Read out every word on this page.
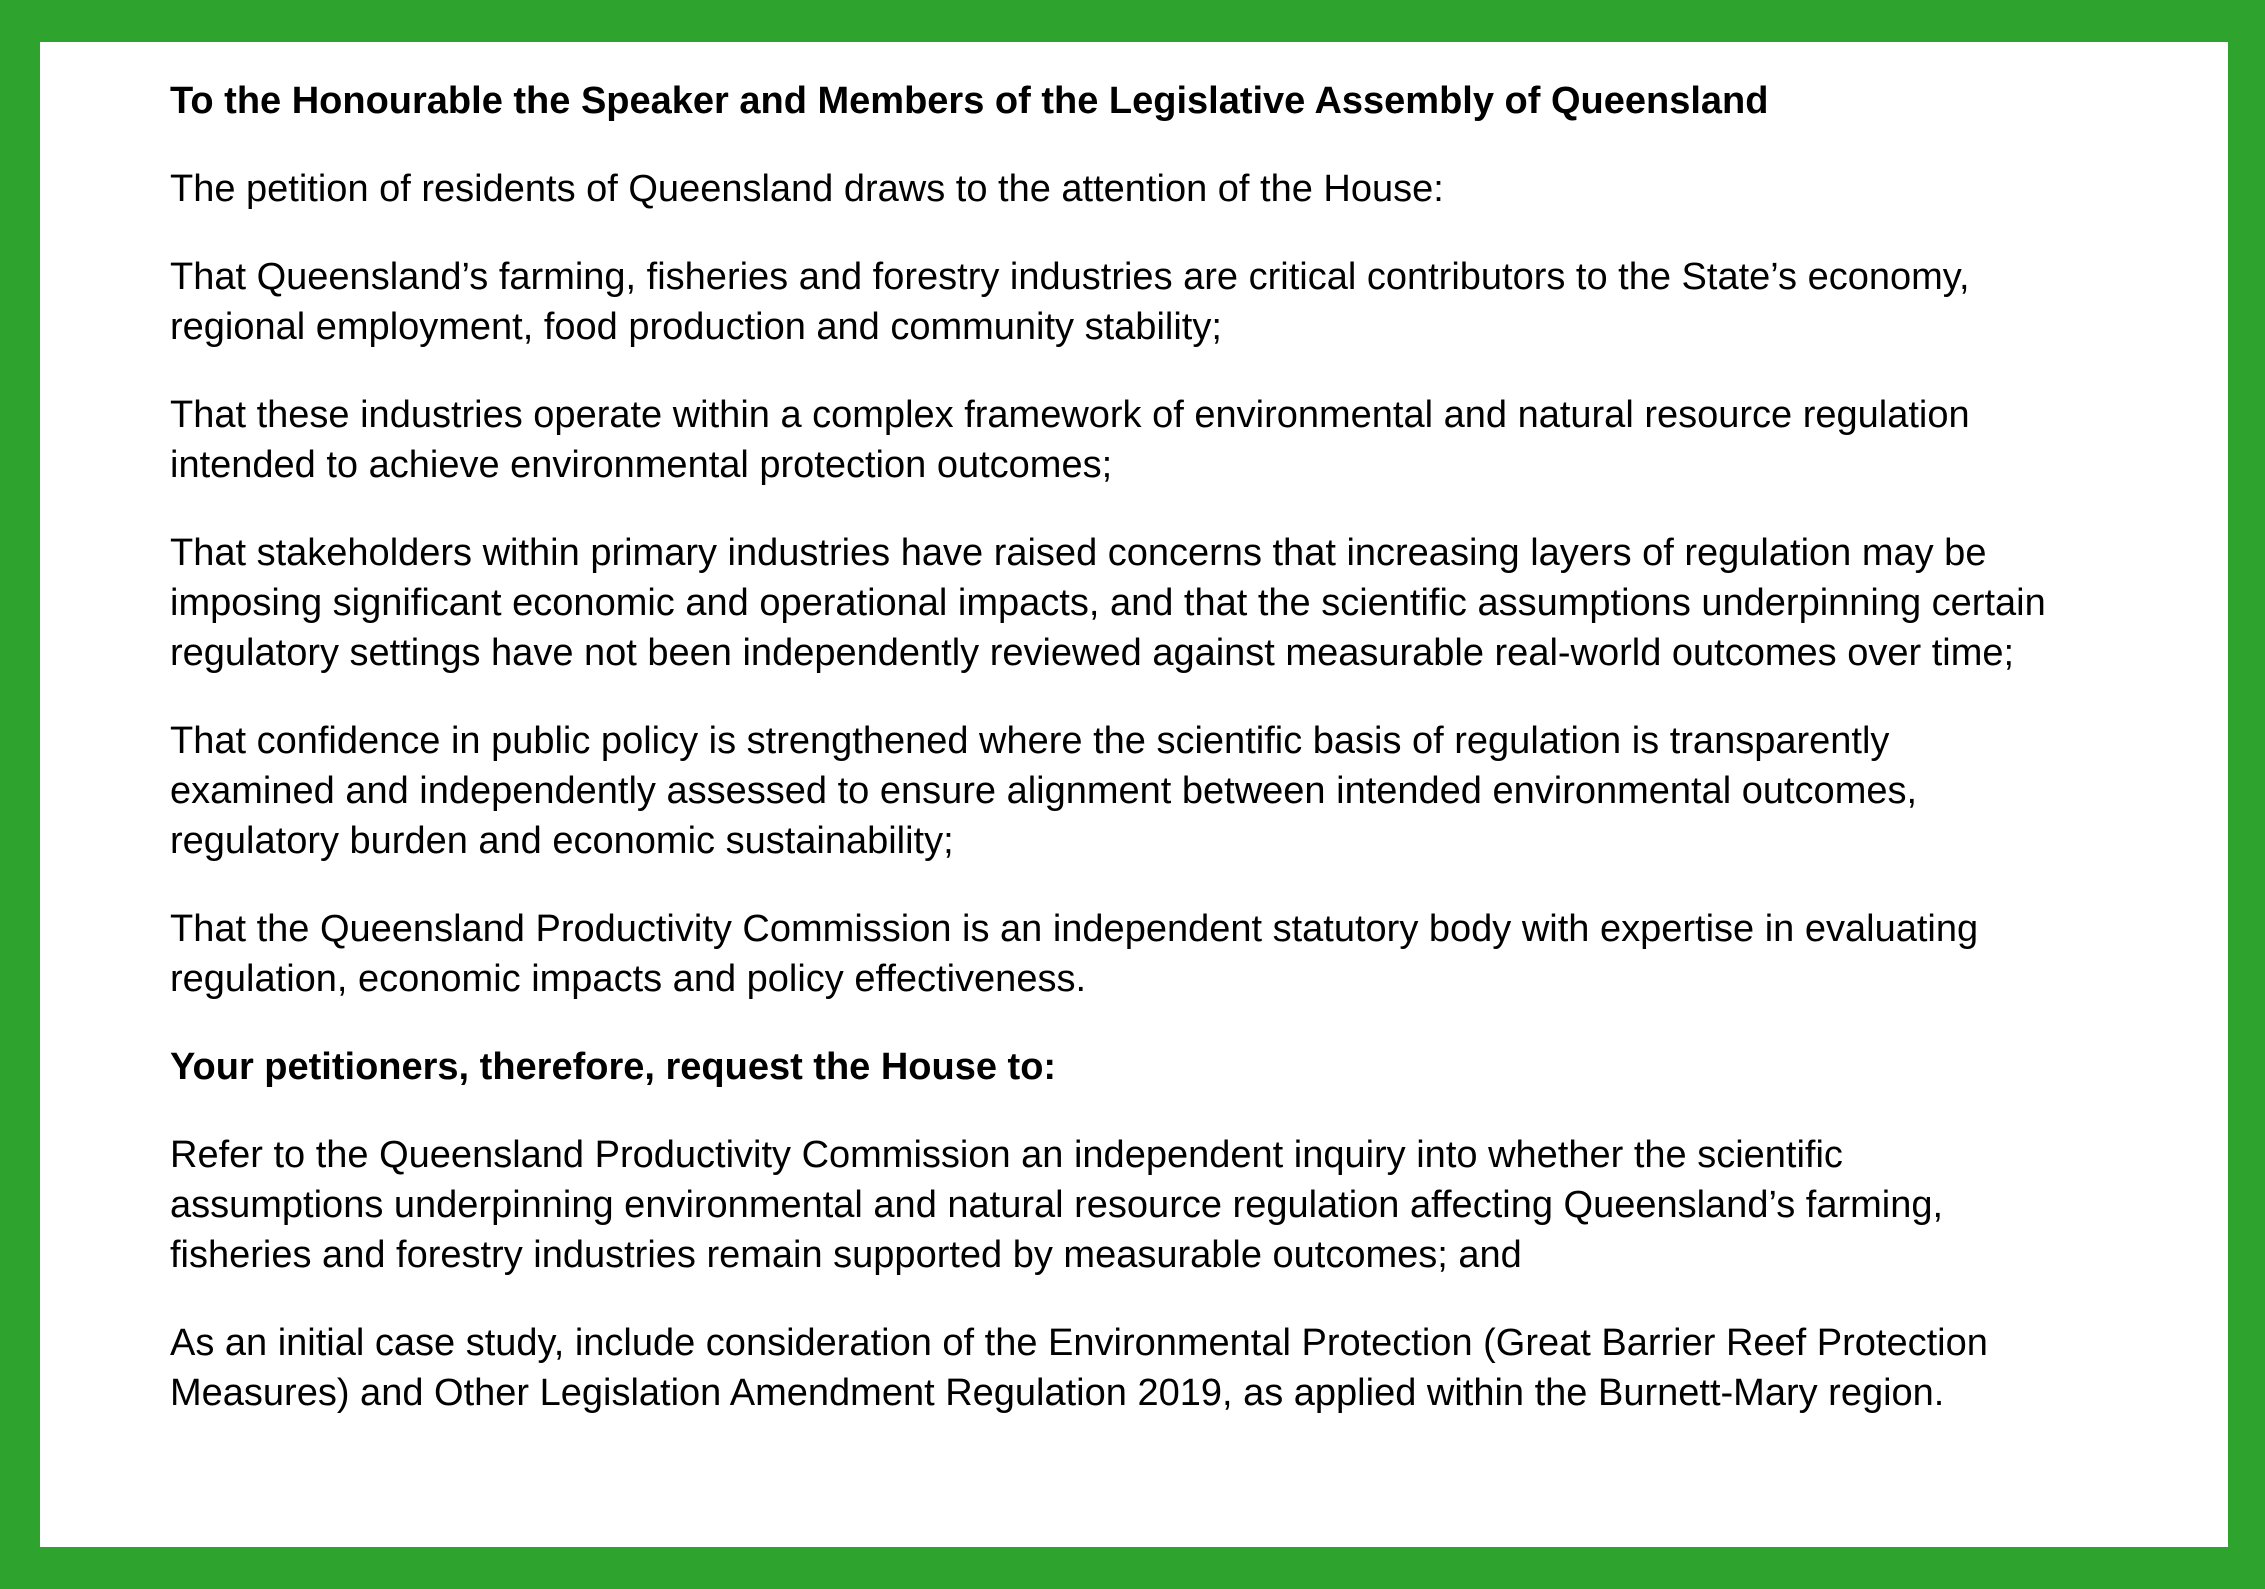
To the Honourable the Speaker and Members of the Legislative Assembly of Queensland

The petition of residents of Queensland draws to the attention of the House:

That Queensland’s farming, fisheries and forestry industries are critical contributors to the State’s economy, regional employment, food production and community stability;

That these industries operate within a complex framework of environmental and natural resource regulation intended to achieve environmental protection outcomes;

That stakeholders within primary industries have raised concerns that increasing layers of regulation may be imposing significant economic and operational impacts, and that the scientific assumptions underpinning certain regulatory settings have not been independently reviewed against measurable real-world outcomes over time;

That confidence in public policy is strengthened where the scientific basis of regulation is transparently examined and independently assessed to ensure alignment between intended environmental outcomes, regulatory burden and economic sustainability;

That the Queensland Productivity Commission is an independent statutory body with expertise in evaluating regulation, economic impacts and policy effectiveness.

Your petitioners, therefore, request the House to:

Refer to the Queensland Productivity Commission an independent inquiry into whether the scientific assumptions underpinning environmental and natural resource regulation affecting Queensland’s farming, fisheries and forestry industries remain supported by measurable outcomes; and

As an initial case study, include consideration of the Environmental Protection (Great Barrier Reef Protection Measures) and Other Legislation Amendment Regulation 2019, as applied within the Burnett-Mary region.
